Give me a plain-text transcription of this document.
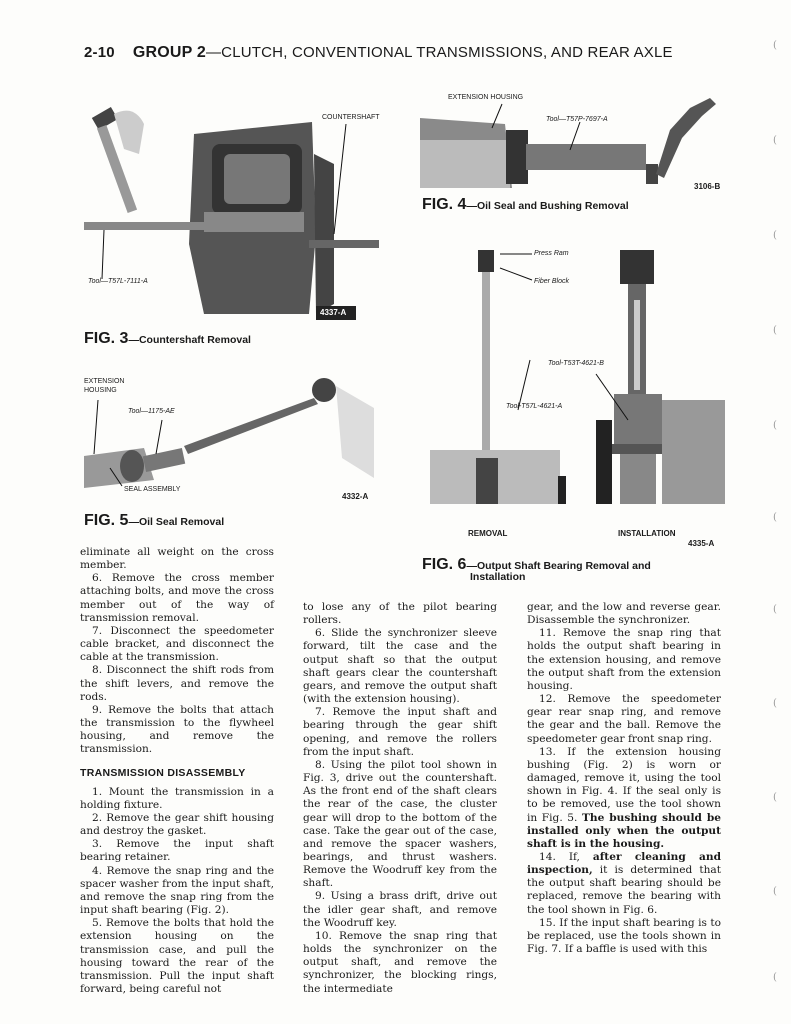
2-10 GROUP 2—CLUTCH, CONVENTIONAL TRANSMISSIONS, AND REAR AXLE
COUNTERSHAFT
Tool—T57L-7111-A
4337-A
FIG. 3—Countershaft Removal
EXTENSION HOUSING
Tool—T57P-7697-A
3106-B
FIG. 4—Oil Seal and Bushing Removal
EXTENSION
HOUSING
Tool—1175-AE
SEAL ASSEMBLY
4332-A
FIG. 5—Oil Seal Removal
Press Ram
Fiber Block
Tool-T53T-4621-B
Tool-T57L-4621-A
REMOVAL	INSTALLATION
4335-A
FIG. 6—Output Shaft Bearing Removal and
Installation

eliminate all weight on the cross member.

6. Remove the cross member attaching bolts, and move the cross member out of the way of transmission removal.

7. Disconnect the speedometer cable bracket, and disconnect the cable at the transmission.

8. Disconnect the shift rods from the shift levers, and remove the rods.

9. Remove the bolts that attach the transmission to the flywheel housing, and remove the transmission.

TRANSMISSION DISASSEMBLY

1. Mount the transmission in a holding fixture.

2. Remove the gear shift housing and destroy the gasket.

3. Remove the input shaft bearing retainer.

4. Remove the snap ring and the spacer washer from the input shaft, and remove the snap ring from the input shaft bearing (Fig. 2).

5. Remove the bolts that hold the extension housing on the transmission case, and pull the housing toward the rear of the transmission. Pull the input shaft forward, being careful not

to lose any of the pilot bearing rollers.

6. Slide the synchronizer sleeve forward, tilt the case and the output shaft so that the output shaft gears clear the countershaft gears, and remove the output shaft (with the extension housing).

7. Remove the input shaft and bearing through the gear shift opening, and remove the rollers from the input shaft.

8. Using the pilot tool shown in Fig. 3, drive out the countershaft. As the front end of the shaft clears the rear of the case, the cluster gear will drop to the bottom of the case. Take the gear out of the case, and remove the spacer washers, bearings, and thrust washers. Remove the Woodruff key from the shaft.

9. Using a brass drift, drive out the idler gear shaft, and remove the Woodruff key.

10. Remove the snap ring that holds the synchronizer on the output shaft, and remove the synchronizer, the blocking rings, the intermediate

gear, and the low and reverse gear. Disassemble the synchronizer.

11. Remove the snap ring that holds the output shaft bearing in the extension housing, and remove the output shaft from the extension housing.

12. Remove the speedometer gear rear snap ring, and remove the gear and the ball. Remove the speedometer gear front snap ring.

13. If the extension housing bushing (Fig. 2) is worn or damaged, remove it, using the tool shown in Fig. 4. If the seal only is to be removed, use the tool shown in Fig. 5. The bushing should be installed only when the output shaft is in the housing.

14. If, after cleaning and inspection, it is determined that the output shaft bearing should be replaced, remove the bearing with the tool shown in Fig. 6.

15. If the input shaft bearing is to be replaced, use the tools shown in Fig. 7. If a baffle is used with this

(
(
(
(
(
(
(
(
(
(
(
